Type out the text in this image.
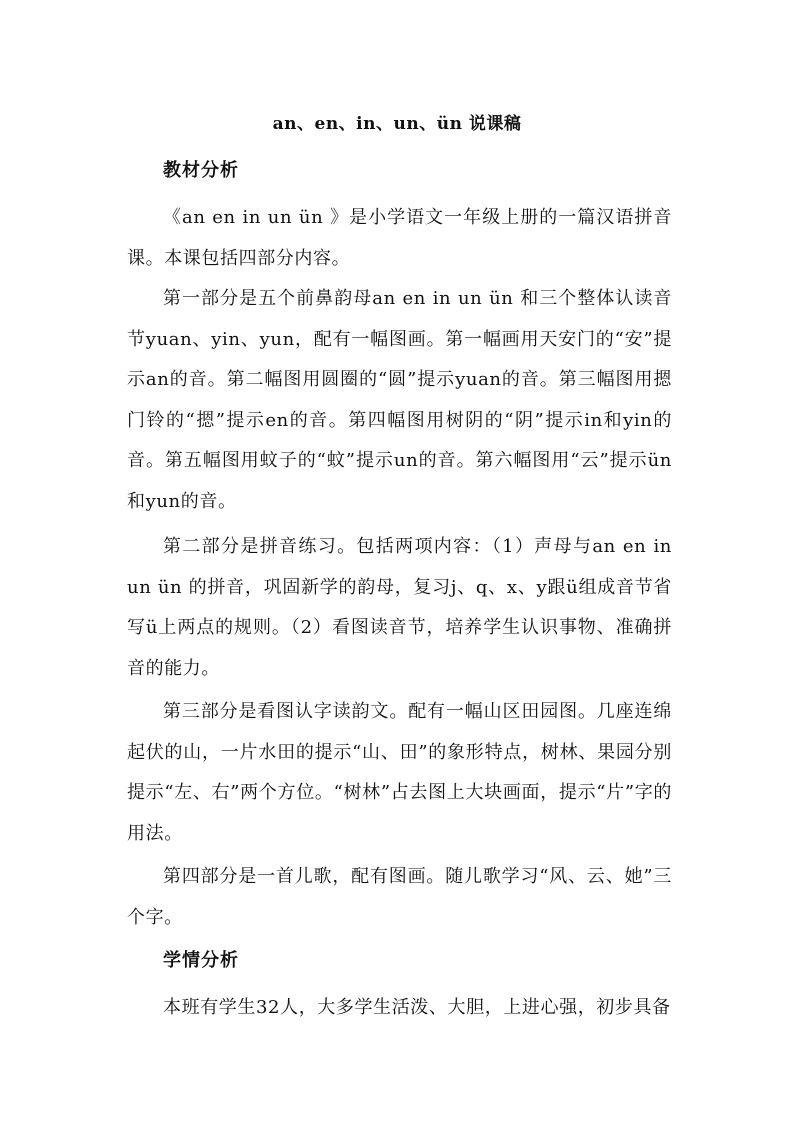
an、en、in、un、ün 说课稿
教材分析
《an en in un ün 》是小学语文一年级上册的一篇汉语拼音课。本课包括四部分内容。
第一部分是五个前鼻韵母an en in un ün 和三个整体认读音节yuan、yin、yun，配有一幅图画。第一幅画用天安门的“安”提示an的音。第二幅图用圆圈的“圆”提示yuan的音。第三幅图用摁门铃的“摁”提示en的音。第四幅图用树阴的“阴”提示in和yin的音。第五幅图用蚊子的“蚊”提示un的音。第六幅图用“云”提示ün和yun的音。
第二部分是拼音练习。包括两项内容：（1）声母与an en in un ün 的拼音，巩固新学的韵母，复习j、q、x、y跟ü组成音节省写ü上两点的规则。（2）看图读音节，培养学生认识事物、准确拼音的能力。
第三部分是看图认字读韵文。配有一幅山区田园图。几座连绵起伏的山，一片水田的提示“山、田”的象形特点，树林、果园分别提示“左、右”两个方位。“树林”占去图上大块画面，提示“片”字的用法。
第四部分是一首儿歌，配有图画。随儿歌学习“风、云、她”三个字。
学情分析
本班有学生32人，大多学生活泼、大胆，上进心强，初步具备
